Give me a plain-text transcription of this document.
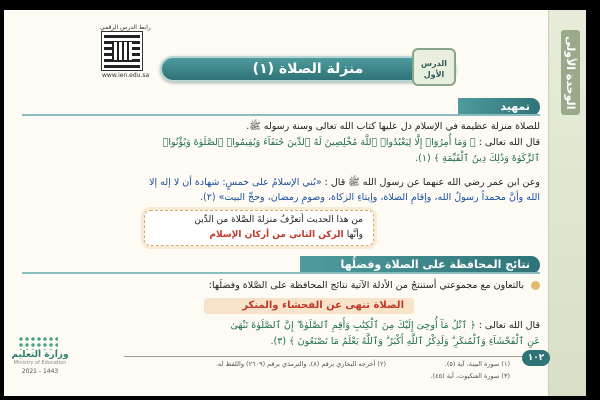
الوحدة الأولى
رابط الدرس الرقمي
www.ien.edu.sa	منزلة الصلاة (١)	الدرس
الأول
تمهيد
للصلاة منزلة عظيمة في الإسلام دل عليها كتاب الله تعالى وسنة رسوله ﷺ.
قال الله تعالى : ﴿ وَمَا أُمِرُوٓا۟ إِلَّا لِيَعْبُدُوا۟ ٱللَّهَ مُخْلِصِينَ لَهُ ٱلدِّينَ حُنَفَآءَ وَيُقِيمُوا۟ ٱلصَّلَوٰةَ وَيُؤْتُوا۟
ٱلزَّكَوٰةَ وَذَٰلِكَ دِينُ ٱلْقَيِّمَةِ ﴾ (١).
وعن ابن عمر رضي الله عنهما عن رسول الله ﷺ قال : «بُني الإسلامُ على خمسٍ: شهادة أن لا إله إلا
الله وأنَّ محمداً رسولُ الله، وإقامِ الصلاة، وإيتاءِ الزكاة، وصومِ رمضان، وحجِّ البيت» (٢).
من هذا الحديث أتعرَّفُ منزلةَ الصَّلاة من الدِّين
وأنَّها الركن الثاني من أركان الإسلام
نتائج المحافظة على الصلاة وفضلُها
بالتعاون مع مجموعتي أستنتجُ من الأدلة الآتية نتائج المحافظة على الصَّلاة وفضلَها:
الصلاة تنهى عن الفحشاء والمنكر
قال الله تعالى : ﴿ ٱتْلُ مَآ أُوحِىَ إِلَيْكَ مِنَ ٱلْكِتَٰبِ وَأَقِمِ ٱلصَّلَوٰةَ ۖ إِنَّ ٱلصَّلَوٰةَ تَنْهَىٰ
عَنِ ٱلْفَحْشَآءِ وَٱلْمُنكَرِ ۗ وَلَذِكْرُ ٱللَّهِ أَكْبَرُ ۗ وَٱللَّهُ يَعْلَمُ مَا تَصْنَعُونَ ﴾ (٣).
(١) سورة البينة، آية (٥).
(٢) أخرجه البخاري برقم (٨)، والترمذي برقم (٢٦٠٩) واللفظ له.
(٣) سورة العنكبوت، آية (٤٥).
١٠٢
وزارة التعليم
Ministry of Education
2021 - 1443
